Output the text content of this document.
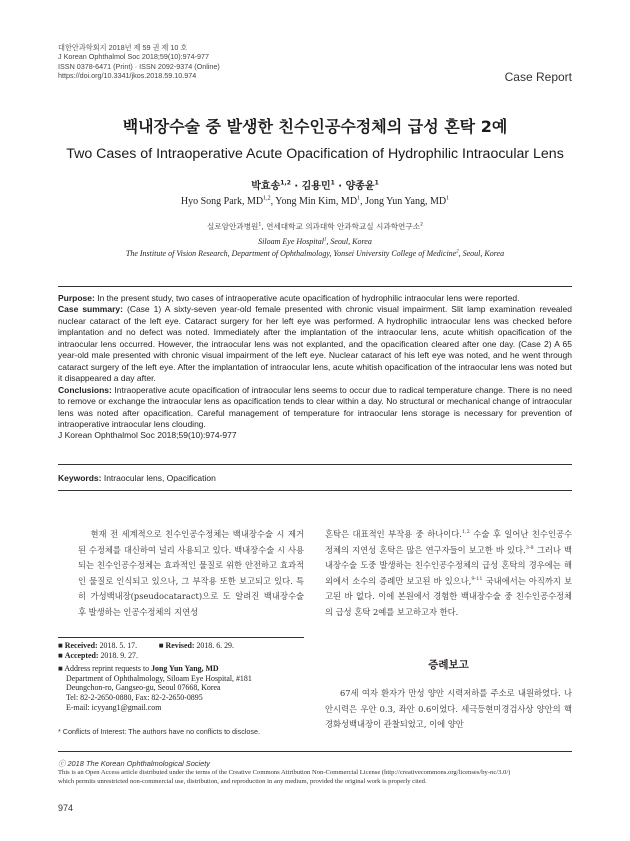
대한안과학회지 2018년 제 59 권 제 10 호
J Korean Ophthalmol Soc 2018;59(10):974-977
ISSN 0378-6471 (Print) · ISSN 2092-9374 (Online)
https://doi.org/10.3341/jkos.2018.59.10.974	Case Report
백내장수술 중 발생한 친수인공수정체의 급성 혼탁 2예
Two Cases of Intraoperative Acute Opacification of Hydrophilic Intraocular Lens
박효송$^{1,2}$ · 김용민$^1$ · 양종윤$^1$
Hyo Song Park, MD$^{1,2}$, Yong Min Kim, $MD^1$, Jong Yun Yang, $MD^1$
실로암안과병원$^1$, 연세대학교 의과대학 안과학교실 시과학연구소$^2$
Siloam Eye Hospital$^1$, Seoul, Korea
The Institute of Vision Research, Department of Ophthalmology, Yonsei University College of Medicine$^2$, Seoul, Korea

Purpose: In the present study, two cases of intraoperative acute opacification of hydrophilic intraocular lens were reported.

Case summary: (Case 1) A sixty-seven year-old female presented with chronic visual impairment. Slit lamp examination revealed nuclear cataract of the left eye. Cataract surgery for her left eye was performed. A hydrophilic intraocular lens was checked before implantation and no defect was noted. Immediately after the implantation of the intraocular lens, acute whitish opacification of the intraocular lens occurred. However, the intraocular lens was not explanted, and the opacification cleared after one day. (Case 2) A 65 year-old male presented with chronic visual impairment of the left eye. Nuclear cataract of his left eye was noted, and he went through cataract surgery of the left eye. After the implantation of intraocular lens, acute whitish opacification of the intraocular lens was noted but it disappeared a day after.

Conclusions: Intraoperative acute opacification of intraocular lens seems to occur due to radical temperature change. There is no need to remove or exchange the intraocular lens as opacification tends to clear within a day. No structural or mechanical change of intraocular lens was noted after opacification. Careful management of temperature for intraocular lens storage is necessary for prevention of intraoperative intraocular lens clouding.

J Korean Ophthalmol Soc 2018;59(10):974-977

Keywords: Intraocular lens, Opacification
현재 전 세계적으로 친수인공수정체는 백내장수술 시 제거된 수정체를 대신하여 널리 사용되고 있다. 백내장수술 시 사용되는 친수인공수정체는 효과적인 물질로 위한 안전하고 효과적인 물질로 인식되고 있으나, 그 부작용 또한 보고되고 있다. 특히 가성백내장(pseudocataract)으로 도 알려진 백내장수술 후 발생하는 인공수정체의 지연성
혼탁은 대표적인 부작용 중 하나이다.$^{1,2}$ 수술 후 일어난 친수인공수정체의 지연성 혼탁은 많은 연구자들이 보고한 바 있다.$^{3-8}$ 그러나 백내장수술 도중 발생하는 친수인공수정체의 급성 혼탁의 경우에는 해외에서 소수의 증례만 보고된 바 있으나,$^{9-11}$ 국내에서는 아직까지 보고된 바 없다. 이에 본원에서 경험한 백내장수술 중 친수인공수정체의 급성 혼탁 2예를 보고하고자 한다.
■ Received: 2018. 5. 17.           ■ Revised: 2018. 6. 29.
■ Accepted: 2018. 9. 27.
■ Address reprint requests to Jong Yun Yang, MD
Department of Ophthalmology, Siloam Eye Hospital, #181
Deungchon-ro, Gangseo-gu, Seoul 07668, Korea
Tel: 82-2-2650-0880, Fax: 82-2-2650-0895
E-mail: icyyang1@gmail.com
* Conflicts of Interest: The authors have no conflicts to disclose.
증례보고
67세 여자 환자가 만성 양안 시력저하를 주소로 내원하였다. 나안시력은 우안 0.3, 좌안 0.6이었다. 세극등현미경검사상 양안의 핵경화성백내장이 관찰되었고, 이에 양안
ⓒ 2018 The Korean Ophthalmological Society
This is an Open Access article distributed under the terms of the Creative Commons Attribution Non-Commercial License (http://creativecommons.org/licenses/by-nc/3.0/)
which permits unrestricted non-commercial use, distribution, and reproduction in any medium, provided the original work is properly cited.
974
